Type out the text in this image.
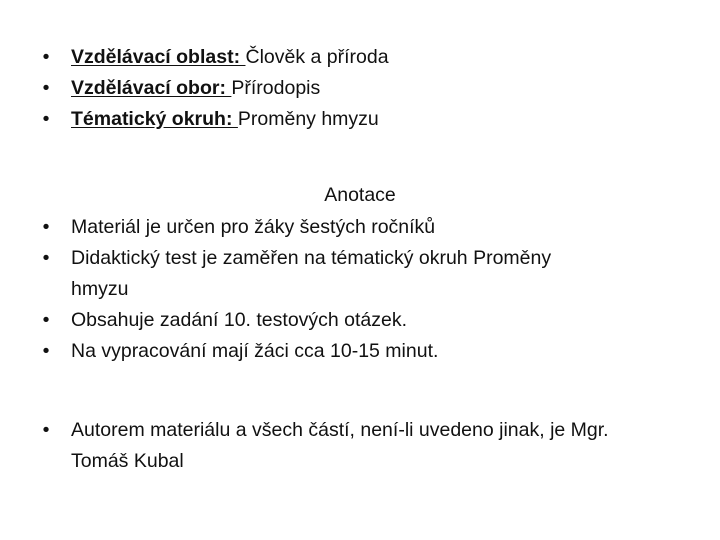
• Vzdělávací oblast: Člověk a příroda
• Vzdělávací obor: Přírodopis
• Tématický okruh: Proměny hmyzu
Anotace
• Materiál je určen pro žáky šestých ročníků
• Didaktický test je zaměřen na tématický okruh Proměny
hmyzu
• Obsahuje zadání 10. testových otázek.
• Na vypracování mají žáci cca 10-15 minut.
• Autorem materiálu a všech částí, není-li uvedeno jinak, je Mgr.
Tomáš Kubal
